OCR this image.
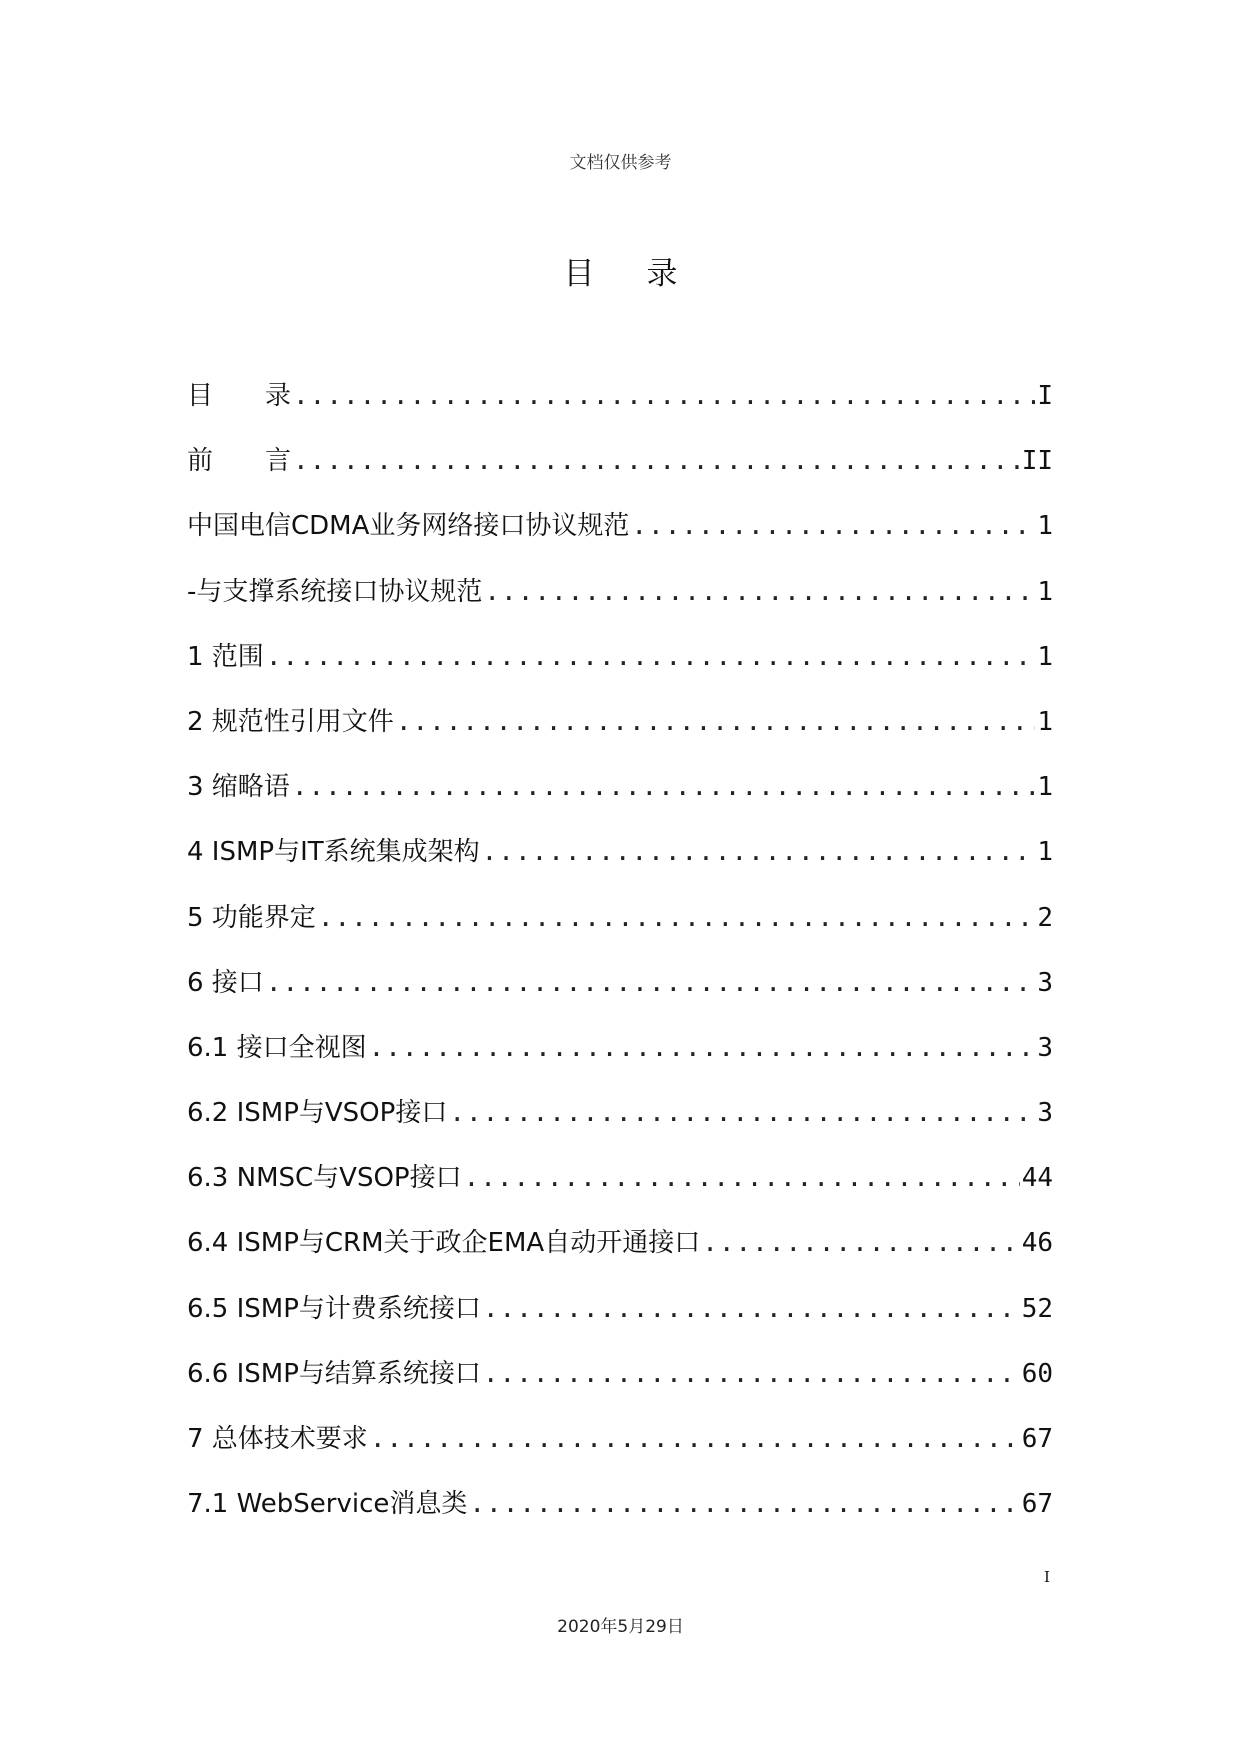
文档仅供参考
目录
目　　录 .....	I
前　　言 .....	II
中国电信CDMA业务网络接口协议规范 .....	1
-与支撑系统接口协议规范 .....	1
1 范围 .....	1
2 规范性引用文件 .....	1
3 缩略语 .....	1
4 ISMP与IT系统集成架构 .....	1
5 功能界定 .....	2
6 接口 .....	3
6.1 接口全视图 .....	3
6.2 ISMP与VSOP接口 .....	3
6.3 NMSC与VSOP接口 .....	44
6.4 ISMP与CRM关于政企EMA自动开通接口 .....	46
6.5 ISMP与计费系统接口 .....	52
6.6 ISMP与结算系统接口 .....	60
7 总体技术要求 .....	67
7.1 WebService消息类 .....	67
I
2020年5月29日
